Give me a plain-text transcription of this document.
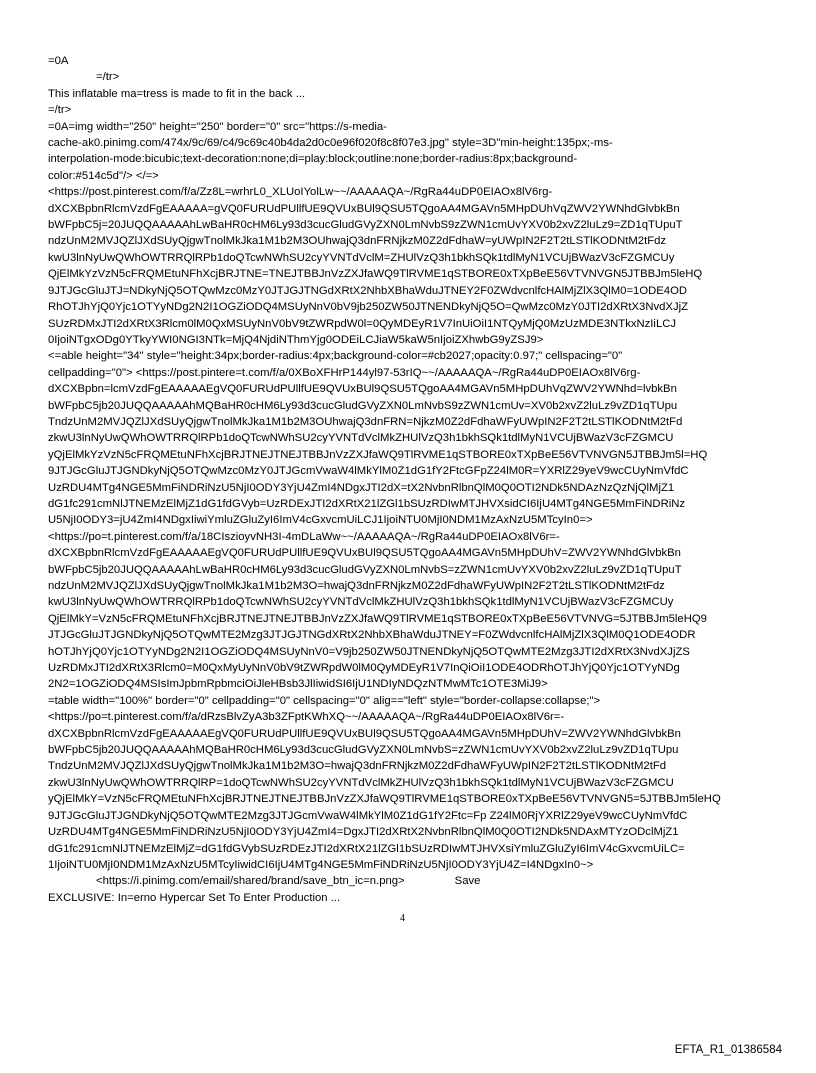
=0A
=/tr>
This inflatable ma=tress is made to fit in the back ...
=/tr>
=0A=img width="250" height="250" border="0" src="https://s-media-
cache-ak0.pinimg.com/474x/9c/69/c4/9c69c40b4da2d0c0e96f020f8c8f07e3.jpg" style=3D"min-height:135px;-ms-
interpolation-mode:bicubic;text-decoration:none;di=play:block;outline:none;border-radius:8px;background-
color:#514c5d"/> </=>
<https://post.pinterest.com/f/a/Zz8L=wrhrL0_XLUoIYolLw~~/AAAAAQA~/RgRa44uDP0EIAOx8lV6rg-
dXCXBpbnRlcmVzdFgEAAAAA=gVQ0FURUdPUllfUE9QVUxBUl9QSU5TQgoAA4MGAVn5MHpDUhVqZWV2YWNhdGlvbkBn
bWFpbC5j=20JUQQAAAAAhLwBaHR0cHM6Ly93d3cucGludGVyZXN0LmNvbS9zZWN1cmUvYXV0b2xvZ2luLz9=ZD1qTUpuT
ndzUnM2MVJQZlJXdSUyQjgwTnolMkJka1M1b2M3OUhwajQ3dnFRNjkzM0Z2dFdhaW=yUWpIN2F2T2tLSTlKODNtM2tFdz
kwU3lnNyUwQWhOWTRRQlRPb1doQTcwNWhSU2cyYVNTdVclM=ZHUlVzQ3h1bkhSQk1tdlMyN1VCUjBWazV3cFZGMCUy
QjElMkYzVzN5cFRQMEtuNFhXcjBRJTNE=TNEJTBBJnVzZXJfaWQ9TlRVME1qSTBORE0xTXpBeE56VTVNVGN5JTBBJm5leHQ
9JTJGcGluJTJ=NDkyNjQ5OTQwMzc0MzY0JTJGJTNGdXRtX2NhbXBhaWduJTNEY2F0ZWdvcnlfcHAlMjZlX3QlM0=1ODE4OD
RhOTJhYjQ0Yjc1OTYyNDg2N2I1OGZiODQ4MSUyNnV0bV9jb250ZW50JTNENDkyNjQ5O=QwMzc0MzY0JTI2dXRtX3NvdXJjZ
SUzRDMxJTI2dXRtX3Rlcm0lM0QxMSUyNnV0bV9tZWRpdW0l=0QyMDEyR1V7InUiOiI1NTQyMjQ0MzUzMDE3NTkxNzIiLCJ
0IjoiNTgxODg0YTkyYWI0NGI3NTk=MjQ4NjdiNThmYjg0ODEiLCJiaW5kaW5nIjoiZXhwbG9yZSJ9>
<=able height="34" style="height:34px;border-radius:4px;background-color=#cb2027;opacity:0.97;" cellspacing="0"
cellpadding="0"> <https://post.pintere=t.com/f/a/0XBoXFHrP144yl97-53rIQ~~/AAAAAQA~/RgRa44uDP0EIAOx8lV6rg-
dXCXBpbn=lcmVzdFgEAAAAAEgVQ0FURUdPUllfUE9QVUxBUl9QSU5TQgoAA4MGAVn5MHpDUhVqZWV2YWNhd=lvbkBn
bWFpbC5jb20JUQQAAAAAhMQBaHR0cHM6Ly93d3cucGludGVyZXN0LmNvbS9zZWN1cmUv=XV0b2xvZ2luLz9vZD1qTUpu
TndzUnM2MVJQZlJXdSUyQjgwTnolMkJka1M1b2M3OUhwajQ3dnFRN=NjkzM0Z2dFdhaWFyUWpIN2F2T2tLSTlKODNtM2tFd
zkwU3lnNyUwQWhOWTRRQlRPb1doQTcwNWhSU2cyYVNTdVclMkZHUlVzQ3h1bkhSQk1tdlMyN1VCUjBWazV3cFZGMCU
yQjElMkYzVzN5cFRQMEtuNFhXcjBRJTNEJTNEJTBBJnVzZXJfaWQ9TlRVME1qSTBORE0xTXpBeE56VTVNVGN5JTBBJm5l=HQ
9JTJGcGluJTJGNDkyNjQ5OTQwMzc0MzY0JTJGcmVwaW4lMkYlM0Z1dG1fY2FtcGFpZ24lM0R=YXRlZ29yeV9wcCUyNmVfdC
UzRDU4MTg4NGE5MmFiNDRiNzU5NjI0ODY3YjU4ZmI4NDgxJTI2dX=tX2NvbnRlbnQlM0Q0OTI2NDk5NDAzNzQzNjQlMjZ1
dG1fc291cmNlJTNEMzElMjZ1dG1fdGVyb=UzRDExJTI2dXRtX21lZGl1bSUzRDIwMTJHVXsidCI6IjU4MTg4NGE5MmFiNDRiNz
U5NjI0ODY3=jU4ZmI4NDgxIiwiYmluZGluZyI6ImV4cGxvcmUiLCJ1IjoiNTU0MjI0NDM1MzAxNzU5MTcyIn0=>
<https://po=t.pinterest.com/f/a/18CIszioyvNH3I-4mDLaWw~~/AAAAAQA~/RgRa44uDP0EIAOx8lV6r=-
dXCXBpbnRlcmVzdFgEAAAAAEgVQ0FURUdPUllfUE9QVUxBUl9QSU5TQgoAA4MGAVn5MHpDUhV=ZWV2YWNhdGlvbkBn
bWFpbC5jb20JUQQAAAAAhLwBaHR0cHM6Ly93d3cucGludGVyZXN0LmNvbS=zZWN1cmUvYXV0b2xvZ2luLz9vZD1qTUpuT
ndzUnM2MVJQZlJXdSUyQjgwTnolMkJka1M1b2M3O=hwajQ3dnFRNjkzM0Z2dFdhaWFyUWpIN2F2T2tLSTlKODNtM2tFdz
kwU3lnNyUwQWhOWTRRQlRPb1doQTcwNWhSU2cyYVNTdVclMkZHUlVzQ3h1bkhSQk1tdlMyN1VCUjBWazV3cFZGMCUy
QjElMkY=VzN5cFRQMEtuNFhXcjBRJTNEJTNEJTBBJnVzZXJfaWQ9TlRVME1qSTBORE0xTXpBeE56VTVNVG=5JTBBJm5leHQ9
JTJGcGluJTJGNDkyNjQ5OTQwMTE2Mzg3JTJGJTNGdXRtX2NhbXBhaWduJTNEY=F0ZWdvcnlfcHAlMjZlX3QlM0Q1ODE4ODR
hOTJhYjQ0Yjc1OTYyNDg2N2I1OGZiODQ4MSUyNnV0=V9jb250ZW50JTNENDkyNjQ5OTQwMTE2Mzg3JTI2dXRtX3NvdXJjZS
UzRDMxJTI2dXRtX3Rlcm0=M0QxMyUyNnV0bV9tZWRpdW0lM0QyMDEyR1V7InQiOiI1ODE4ODRhOTJhYjQ0Yjc1OTYyNDg
2N2=1OGZiODQ4MSIsImJpbmRpbmciOiJleHBsb3JlIiwidSI6IjU1NDIyNDQzNTMwMTc1OTE3MiJ9>
=table width="100%" border="0" cellpadding="0" cellspacing="0" alig=="left" style="border-collapse:collapse;">
<https://po=t.pinterest.com/f/a/dRzsBlvZyA3b3ZFptKWhXQ~~/AAAAAQA~/RgRa44uDP0EIAOx8lV6r=-
dXCXBpbnRlcmVzdFgEAAAAAEgVQ0FURUdPUllfUE9QVUxBUl9QSU5TQgoAA4MGAVn5MHpDUhV=ZWV2YWNhdGlvbkBn
bWFpbC5jb20JUQQAAAAAhMQBaHR0cHM6Ly93d3cucGludGVyZXN0LmNvbS=zZWN1cmUvYXV0b2xvZ2luLz9vZD1qTUpu
TndzUnM2MVJQZlJXdSUyQjgwTnolMkJka1M1b2M3O=hwajQ3dnFRNjkzM0Z2dFdhaWFyUWpIN2F2T2tLSTlKODNtM2tFd
zkwU3lnNyUwQWhOWTRRQlRP=1doQTcwNWhSU2cyYVNTdVclMkZHUlVzQ3h1bkhSQk1tdlMyN1VCUjBWazV3cFZGMCU
yQjElMkY=VzN5cFRQMEtuNFhXcjBRJTNEJTNEJTBBJnVzZXJfaWQ9TlRVME1qSTBORE0xTXpBeE56VTVNVGN5=5JTBBJm5leHQ
9JTJGcGluJTJGNDkyNjQ5OTQwMTE2Mzg3JTJGcmVwaW4lMkYlM0Z1dG1fY2Ftc=Fp Z24lM0RjYXRlZ29yeV9wcCUyNmVfdC
UzRDU4MTg4NGE5MmFiNDRiNzU5NjI0ODY3YjU4ZmI4=DgxJTI2dXRtX2NvbnRlbnQlM0Q0OTI2NDk5NDAxMTYzODclMjZ1
dG1fc291cmNlJTNEMzElMjZ=dG1fdGVybSUzRDEzJTI2dXRtX21lZGl1bSUzRDIwMTJHVXsiYmluZGluZyI6ImV4cGxvcmUiLC=
1IjoiNTU0MjI0NDM1MzAxNzU5MTcyIiwidCI6IjU4MTg4NGE5MmFiNDRiNzU5NjI0ODY3YjU4Z=I4NDgxIn0~>
<https://i.pinimg.com/email/shared/brand/save_btn_ic=n.png>	Save
EXCLUSIVE: In=erno Hypercar Set To Enter Production ...
4
EFTA_R1_01386584
